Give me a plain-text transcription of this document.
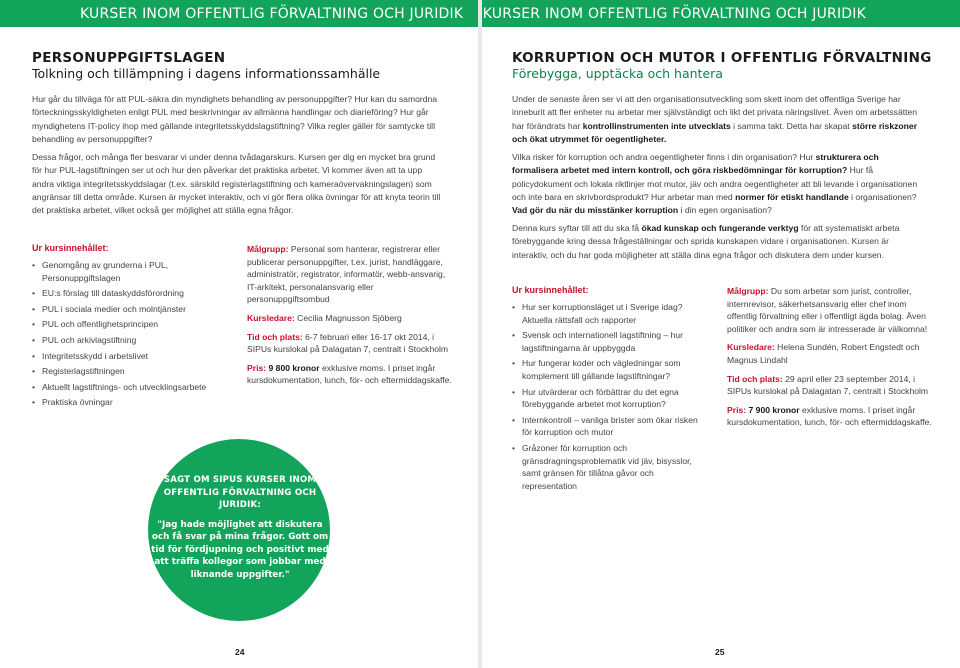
KURSER INOM OFFENTLIG FÖRVALTNING OCH JURIDIK KURSER INOM OFFENTLIG FÖRVALTNING OCH JURIDIK
PERSONUPPGIFTSLAGEN
Tolkning och tillämpning i dagens informationssamhälle
Hur går du tillväga för att PUL-säkra din myndighets behandling av personuppgifter? Hur kan du samordna förteckningsskyldigheten enligt PUL med beskrivningar av allmänna handlingar och diarieföring? Hur går myndighetens IT-policy ihop med gällande integritetsskyddslagstiftning? Vilka regler gäller för samtycke till behandling av personuppgifter?
Dessa frågor, och många fler besvarar vi under denna tvådagarskurs. Kursen ger dig en mycket bra grund för hur PUL-lagstiftningen ser ut och hur den påverkar det praktiska arbetet. Vi kommer även att ta upp andra viktiga integritetsskyddslagar (t.ex. särskild registerlagstiftning och kameraövervakningslagen) som angränsar till detta område. Kursen är mycket interaktiv, och vi gör flera olika övningar för att knyta teorin till det praktiska arbetet, vilket också ger möjlighet att ställa egna frågor.
Ur kursinnehållet:
• Genomgång av grunderna i PUL, Personuppgiftslagen
• EU:s förslag till dataskyddsförordning
• PUL i sociala medier och molntjänster
• PUL och offentlighetsprincipen
• PUL och arkivlagstiftning
• Integritetsskydd i arbetslivet
• Registerlagstiftningen
• Aktuellt lagstiftnings- och utvecklingsarbete
• Praktiska övningar

Målgrupp: Personal som hanterar, registrerar eller publicerar personuppgifter, t.ex. jurist, handläggare, administratör, registrator, informatör, webb-ansvarig, IT-arkitekt, personalansvarig eller personuppgiftsombud

Kursledare: Cecilia Magnusson Sjöberg

Tid och plats: 6-7 februari eller 16-17 okt 2014, i SIPUs kurslokal på Dalagatan 7, centralt i Stockholm

Pris: 9 800 kronor exklusive moms. I priset ingår kursdokumentation, lunch, för- och eftermiddagskaffe.

SAGT OM SIPUS KURSER INOM OFFENTLIG FÖRVALTNING OCH JURIDIK:
"Jag hade möjlighet att diskutera och få svar på mina frågor. Gott om tid för fördjupning och positivt med att träffa kollegor som jobbar med liknande uppgifter."
24
KORRUPTION OCH MUTOR I OFFENTLIG FÖRVALTNING
Förebygga, upptäcka och hantera
Under de senaste åren ser vi att den organisationsutveckling som skett inom det offentliga Sverige har inneburit att fler enheter nu arbetar mer självständigt och likt det privata näringslivet. Även om arbetssätten har förändrats har kontrollinstrumenten inte utvecklats i samma takt. Detta har skapat större riskzoner och ökat utrymmet för oegentligheter.
Vilka risker för korruption och andra oegentligheter finns i din organisation? Hur strukturera och formalisera arbetet med intern kontroll, och göra riskbedömningar för korruption? Hur få policydokument och lokala riktlinjer mot mutor, jäv och andra oegentligheter att bli levande i organisationen och inte bara en skrivbordsprodukt? Hur arbetar man med normer för etiskt handlande i organisationen? Vad gör du när du misstänker korruption i din egen organisation?
Denna kurs syftar till att du ska få ökad kunskap och fungerande verktyg för att systematiskt arbeta förebyggande kring dessa frågeställningar och sprida kunskapen vidare i organisationen. Kursen är interaktiv, och du har goda möjligheter att ställa dina egna frågor och diskutera dem under kursen.
Ur kursinnehållet:
• Hur ser korruptionsläget ut i Sverige idag? Aktuella rättsfall och rapporter
• Svensk och internationell lagstiftning – hur lagstiftningarna är uppbyggda
• Hur fungerar koder och vägledningar som komplement till gällande lagstiftningar?
• Hur utvärderar och förbättrar du det egna förebyggande arbetet mot korruption?
• Internkontroll – vanliga brister som ökar risken för korruption och mutor
• Gråzoner för korruption och gränsdragningsproblematik vid jäv, bisysslor, samt gränsen för tillåtna gåvor och representation

Målgrupp: Du som arbetar som jurist, controller, internrevisor, säkerhetsansvarig eller chef inom offentlig förvaltning eller i offentligt ägda bolag. Även politiker och andra som är intresserade är välkomna!

Kursledare: Helena Sundén, Robert Engstedt och Magnus Lindahl

Tid och plats: 29 april eller 23 september 2014, i SIPUs kurslokal på Dalagatan 7, centralt i Stockholm

Pris: 7 900 kronor exklusive moms. I priset ingår kursdokumentation, lunch, för- och eftermiddagskaffe.

25
